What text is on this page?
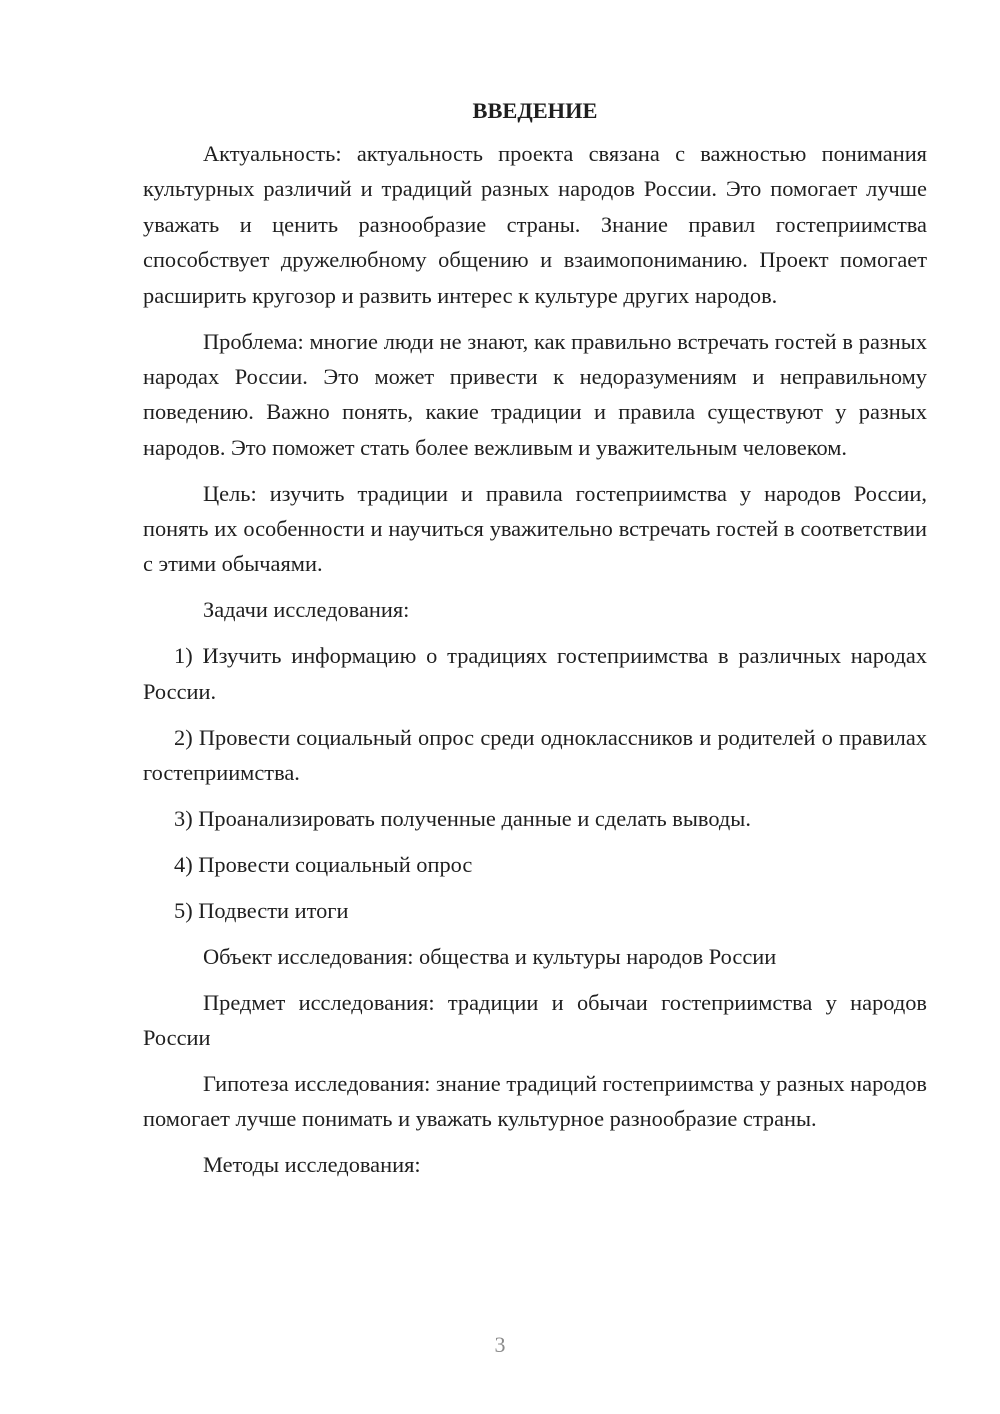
ВВЕДЕНИЕ

Актуальность: актуальность проекта связана с важностью понимания культурных различий и традиций разных народов России. Это помогает лучше уважать и ценить разнообразие страны. Знание правил гостеприимства способствует дружелюбному общению и взаимопониманию. Проект помогает расширить кругозор и развить интерес к культуре других народов.

Проблема: многие люди не знают, как правильно встречать гостей в разных народах России. Это может привести к недоразумениям и неправильному поведению. Важно понять, какие традиции и правила существуют у разных народов. Это поможет стать более вежливым и уважительным человеком.

Цель: изучить традиции и правила гостеприимства у народов России, понять их особенности и научиться уважительно встречать гостей в соответствии с этими обычаями.

Задачи исследования:

1) Изучить информацию о традициях гостеприимства в различных народах России.

2) Провести социальный опрос среди одноклассников и родителей о правилах гостеприимства.

3) Проанализировать полученные данные и сделать выводы.

4) Провести социальный опрос

5) Подвести итоги

Объект исследования: общества и культуры народов России

Предмет исследования: традиции и обычаи гостеприимства у народов России

Гипотеза исследования: знание традиций гостеприимства у разных народов помогает лучше понимать и уважать культурное разнообразие страны.

Методы исследования:

3
